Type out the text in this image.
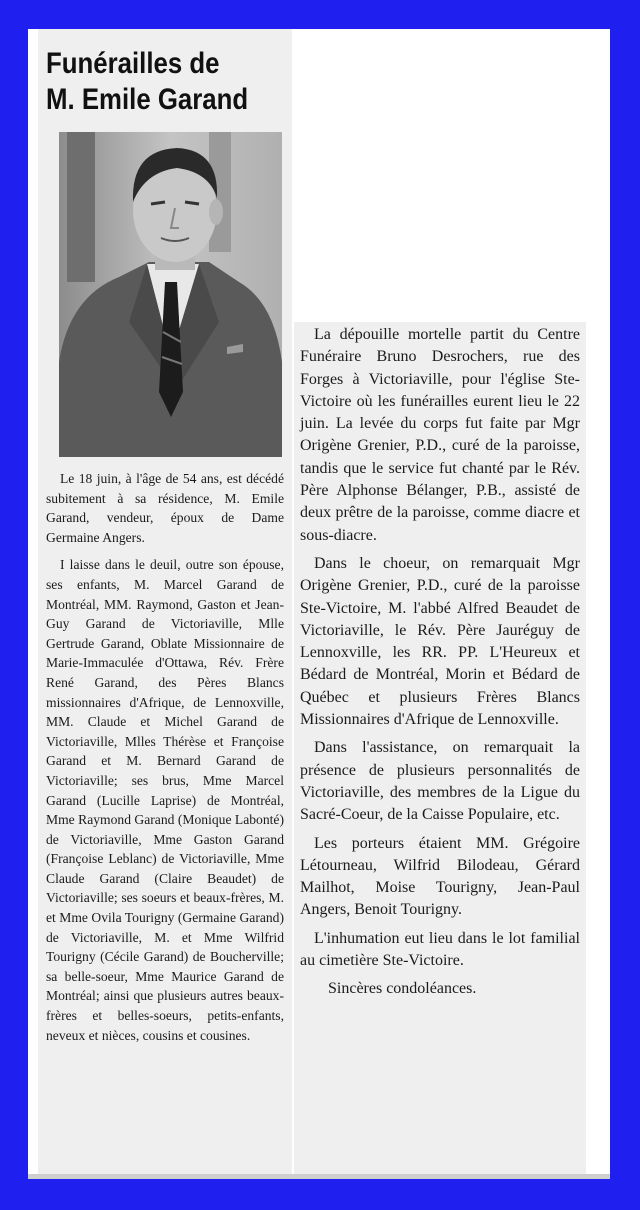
Funérailles de
M. Emile Garand

Le 18 juin, à l'âge de 54 ans, est décédé subitement à sa résidence, M. Emile Garand, vendeur, époux de Dame Germaine Angers.

I laisse dans le deuil, outre son épouse, ses enfants, M. Marcel Garand de Montréal, MM. Raymond, Gaston et Jean-Guy Garand de Victoriaville, Mlle Gertrude Garand, Oblate Missionnaire de Marie-Immaculée d'Ottawa, Rév. Frère René Garand, des Pères Blancs missionnaires d'Afrique, de Lennoxville, MM. Claude et Michel Garand de Victoriaville, Mlles Thérèse et Françoise Garand et M. Bernard Garand de Victoriaville; ses brus, Mme Marcel Garand (Lucille Laprise) de Montréal, Mme Raymond Garand (Monique Labonté) de Victoriaville, Mme Gaston Garand (Françoise Leblanc) de Victoriaville, Mme Claude Garand (Claire Beaudet) de Victoriaville; ses soeurs et beaux-frères, M. et Mme Ovila Tourigny (Germaine Garand) de Victoriaville, M. et Mme Wilfrid Tourigny (Cécile Garand) de Boucherville; sa belle-soeur, Mme Maurice Garand de Montréal; ainsi que plusieurs autres beaux-frères et belles-soeurs, petits-enfants, neveux et nièces, cousins et cousines.

La dépouille mortelle partit du Centre Funéraire Bruno Desrochers, rue des Forges à Victoriaville, pour l'église Ste-Victoire où les funérailles eurent lieu le 22 juin. La levée du corps fut faite par Mgr Origène Grenier, P.D., curé de la paroisse, tandis que le service fut chanté par le Rév. Père Alphonse Bélanger, P.B., assisté de deux prêtre de la paroisse, comme diacre et sous-diacre.

Dans le choeur, on remarquait Mgr Origène Grenier, P.D., curé de la paroisse Ste-Victoire, M. l'abbé Alfred Beaudet de Victoriaville, le Rév. Père Jauréguy de Lennoxville, les RR. PP. L'Heureux et Bédard de Montréal, Morin et Bédard de Québec et plusieurs Frères Blancs Missionnaires d'Afrique de Lennoxville.

Dans l'assistance, on remarquait la présence de plusieurs personnalités de Victoriaville, des membres de la Ligue du Sacré-Coeur, de la Caisse Populaire, etc.

Les porteurs étaient MM. Grégoire Létourneau, Wilfrid Bilodeau, Gérard Mailhot, Moise Tourigny, Jean-Paul Angers, Benoit Tourigny.

L'inhumation eut lieu dans le lot familial au cimetière Ste-Victoire.

Sincères condoléances.
